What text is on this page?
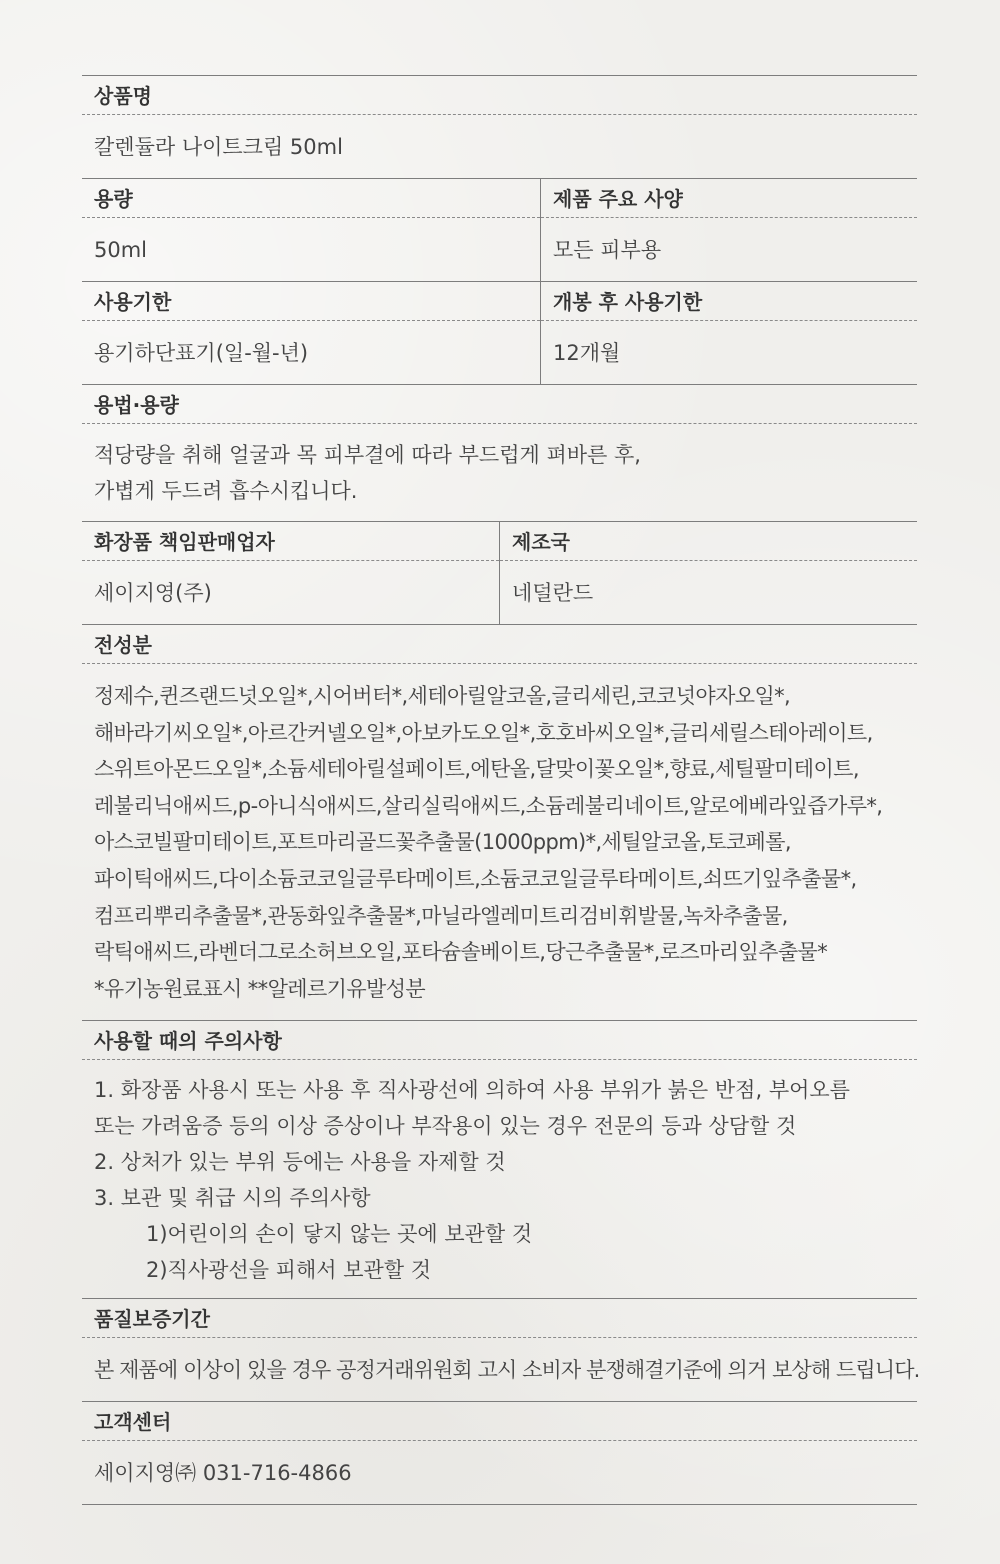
상품명
칼렌듈라 나이트크림 50ml
용량
50ml
제품 주요 사양
모든 피부용
사용기한
용기하단표기(일-월-년)
개봉 후 사용기한
12개월
용법·용량
적당량을 취해 얼굴과 목 피부결에 따라 부드럽게 펴바른 후,
가볍게 두드려 흡수시킵니다.
화장품 책임판매업자
세이지영(주)
제조국
네덜란드
전성분
정제수,퀸즈랜드넛오일*,시어버터*,세테아릴알코올,글리세린,코코넛야자오일*,
해바라기씨오일*,아르간커넬오일*,아보카도오일*,호호바씨오일*,글리세릴스테아레이트,
스위트아몬드오일*,소듐세테아릴설페이트,에탄올,달맞이꽃오일*,향료,세틸팔미테이트,
레불리닉애씨드,p-아니식애씨드,살리실릭애씨드,소듐레불리네이트,알로에베라잎즙가루*,
아스코빌팔미테이트,포트마리골드꽃추출물(1000ppm)*,세틸알코올,토코페롤,
파이틱애씨드,다이소듐코코일글루타메이트,소듐코코일글루타메이트,쇠뜨기잎추출물*,
컴프리뿌리추출물*,관동화잎추출물*,마닐라엘레미트리검비휘발물,녹차추출물,
락틱애씨드,라벤더그로소허브오일,포타슘솔베이트,당근추출물*,로즈마리잎추출물*
*유기농원료표시 **알레르기유발성분
사용할 때의 주의사항
1. 화장품 사용시 또는 사용 후 직사광선에 의하여 사용 부위가 붉은 반점, 부어오름
또는 가려움증 등의 이상 증상이나 부작용이 있는 경우 전문의 등과 상담할 것
2. 상처가 있는 부위 등에는 사용을 자제할 것
3. 보관 및 취급 시의 주의사항
1)어린이의 손이 닿지 않는 곳에 보관할 것
2)직사광선을 피해서 보관할 것
품질보증기간
본 제품에 이상이 있을 경우 공정거래위원회 고시 소비자 분쟁해결기준에 의거 보상해 드립니다.
고객센터
세이지영㈜ 031-716-4866
